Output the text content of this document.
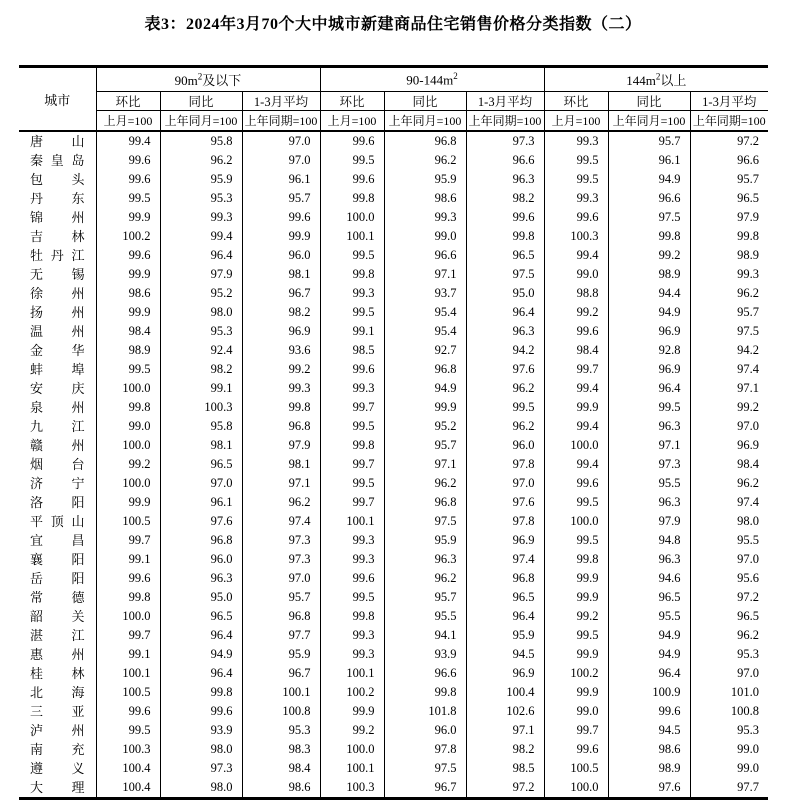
表3：2024年3月70个大中城市新建商品住宅销售价格分类指数（二）
城市	$90m^2$及以下			$90-144m^2$			$144m^2$以上		
	环比	同比	1-3月平均	环比	同比	1-3月平均	环比	同比	1-3月平均
	上月=100	上年同月=100	上年同期=100	上月=100	上年同月=100	上年同期=100	上月=100	上年同月=100	上年同期=100

唐 山	99.4	95.8	97.0	99.6	96.8	97.3	99.3	95.7	97.2

秦 皇 岛	99.6	96.2	97.0	99.5	96.2	96.6	99.5	96.1	96.6

包 头	99.6	95.9	96.1	99.6	95.9	96.3	99.5	94.9	95.7

丹 东	99.5	95.3	95.7	99.8	98.6	98.2	99.3	96.6	96.5

锦 州	99.9	99.3	99.6	100.0	99.3	99.6	99.6	97.5	97.9

吉 林	100.2	99.4	99.9	100.1	99.0	99.8	100.3	99.8	99.8

牡 丹 江	99.6	96.4	96.0	99.5	96.6	96.5	99.4	99.2	98.9

无 锡	99.9	97.9	98.1	99.8	97.1	97.5	99.0	98.9	99.3

徐 州	98.6	95.2	96.7	99.3	93.7	95.0	98.8	94.4	96.2

扬 州	99.9	98.0	98.2	99.5	95.4	96.4	99.2	94.9	95.7

温 州	98.4	95.3	96.9	99.1	95.4	96.3	99.6	96.9	97.5

金 华	98.9	92.4	93.6	98.5	92.7	94.2	98.4	92.8	94.2

蚌 埠	99.5	98.2	99.2	99.6	96.8	97.6	99.7	96.9	97.4

安 庆	100.0	99.1	99.3	99.3	94.9	96.2	99.4	96.4	97.1

泉 州	99.8	100.3	99.8	99.7	99.9	99.5	99.9	99.5	99.2

九 江	99.0	95.8	96.8	99.5	95.2	96.2	99.4	96.3	97.0

赣 州	100.0	98.1	97.9	99.8	95.7	96.0	100.0	97.1	96.9

烟 台	99.2	96.5	98.1	99.7	97.1	97.8	99.4	97.3	98.4

济 宁	100.0	97.0	97.1	99.5	96.2	97.0	99.6	95.5	96.2

洛 阳	99.9	96.1	96.2	99.7	96.8	97.6	99.5	96.3	97.4

平 顶 山	100.5	97.6	97.4	100.1	97.5	97.8	100.0	97.9	98.0

宜 昌	99.7	96.8	97.3	99.3	95.9	96.9	99.5	94.8	95.5

襄 阳	99.1	96.0	97.3	99.3	96.3	97.4	99.8	96.3	97.0

岳 阳	99.6	96.3	97.0	99.6	96.2	96.8	99.9	94.6	95.6

常 德	99.8	95.0	95.7	99.5	95.7	96.5	99.9	96.5	97.2

韶 关	100.0	96.5	96.8	99.8	95.5	96.4	99.2	95.5	96.5

湛 江	99.7	96.4	97.7	99.3	94.1	95.9	99.5	94.9	96.2

惠 州	99.1	94.9	95.9	99.3	93.9	94.5	99.9	94.9	95.3

桂 林	100.1	96.4	96.7	100.1	96.6	96.9	100.2	96.4	97.0

北 海	100.5	99.8	100.1	100.2	99.8	100.4	99.9	100.9	101.0

三 亚	99.6	99.6	100.8	99.9	101.8	102.6	99.0	99.6	100.8

泸 州	99.5	93.9	95.3	99.2	96.0	97.1	99.7	94.5	95.3

南 充	100.3	98.0	98.3	100.0	97.8	98.2	99.6	98.6	99.0

遵 义	100.4	97.3	98.4	100.1	97.5	98.5	100.5	98.9	99.0

大 理	100.4	98.0	98.6	100.3	96.7	97.2	100.0	97.6	97.7
